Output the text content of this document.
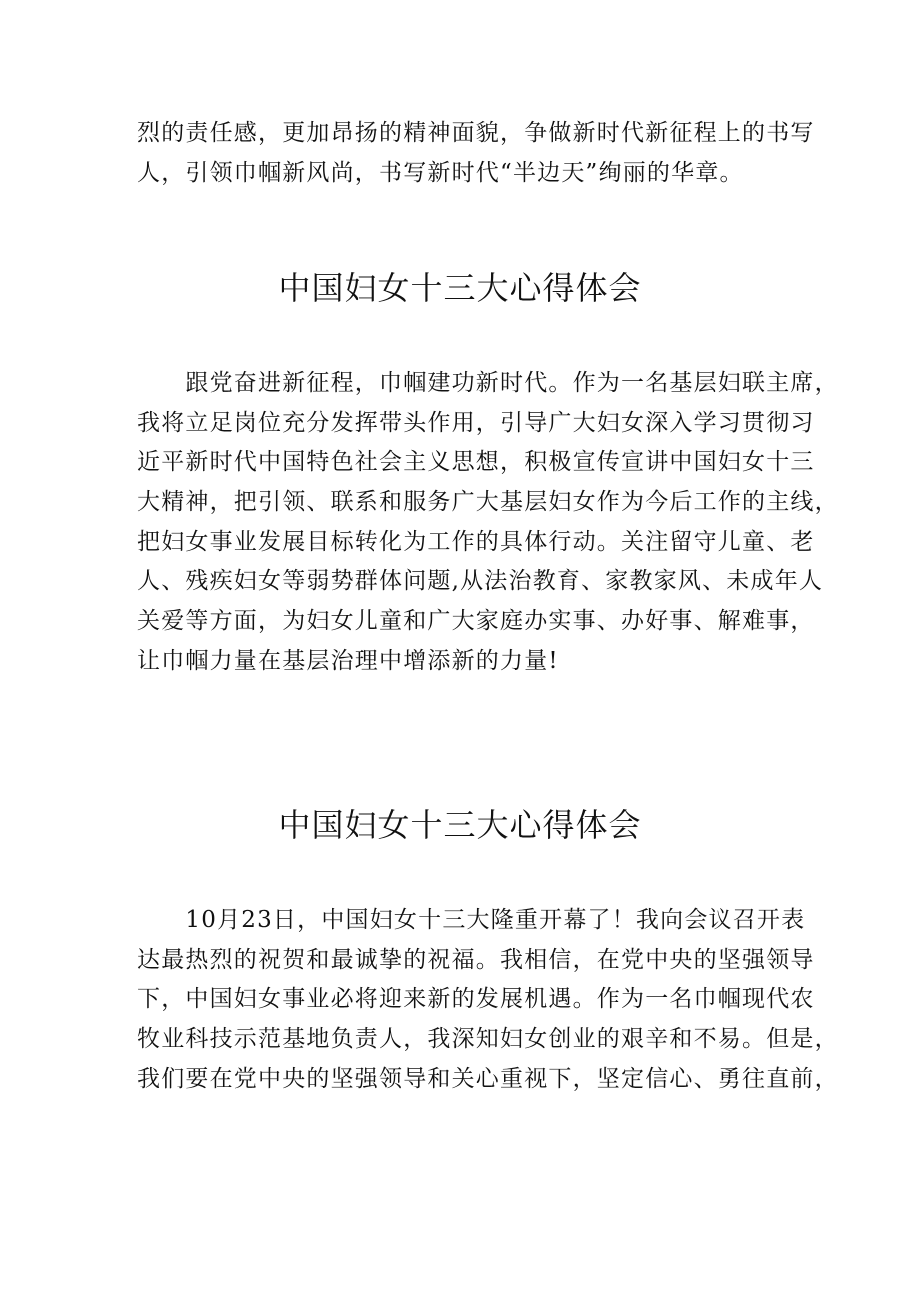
烈的责任感，更加昂扬的精神面貌，争做新时代新征程上的书写
人，引领巾帼新风尚，书写新时代“半边天”绚丽的华章。
中国妇女十三大心得体会
　　跟党奋进新征程，巾帼建功新时代。作为一名基层妇联主席，
我将立足岗位充分发挥带头作用，引导广大妇女深入学习贯彻习
近平新时代中国特色社会主义思想，积极宣传宣讲中国妇女十三
大精神，把引领、联系和服务广大基层妇女作为今后工作的主线，
把妇女事业发展目标转化为工作的具体行动。关注留守儿童、老
人、残疾妇女等弱势群体问题,从法治教育、家教家风、未成年人
关爱等方面，为妇女儿童和广大家庭办实事、办好事、解难事，
让巾帼力量在基层治理中增添新的力量!
中国妇女十三大心得体会
　　10月23日，中国妇女十三大隆重开幕了！我向会议召开表
达最热烈的祝贺和最诚挚的祝福。我相信，在党中央的坚强领导
下，中国妇女事业必将迎来新的发展机遇。作为一名巾帼现代农
牧业科技示范基地负责人，我深知妇女创业的艰辛和不易。但是，
我们要在党中央的坚强领导和关心重视下，坚定信心、勇往直前，
